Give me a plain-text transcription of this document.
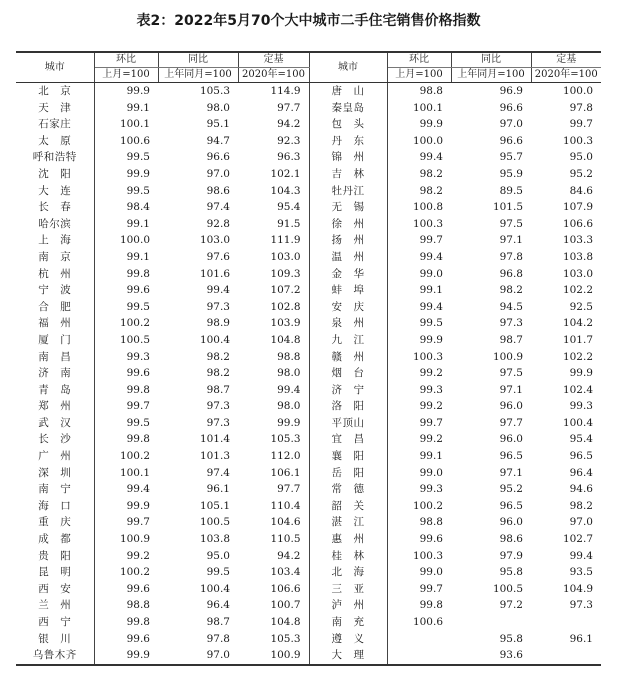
表2：2022年5月70个大中城市二手住宅销售价格指数
城市	环比	同比	定基	城市	环比	同比	定基
	上月=100	上年同月=100	2020年=100		上月=100	上年同月=100	2020年=100
北　京	99.9	105.3	114.9	唐　山	98.8	96.9	100.0
天　津	99.1	98.0	97.7	秦皇岛	100.1	96.6	97.8
石家庄	100.1	95.1	94.2	包　头	99.9	97.0	99.7
太　原	100.6	94.7	92.3	丹　东	100.0	96.6	100.3
呼和浩特	99.5	96.6	96.3	锦　州	99.4	95.7	95.0
沈　阳	99.9	97.0	102.1	吉　林	98.2	95.9	95.2
大　连	99.5	98.6	104.3	牡丹江	98.2	89.5	84.6
长　春	98.4	97.4	95.4	无　锡	100.8	101.5	107.9
哈尔滨	99.1	92.8	91.5	徐　州	100.3	97.5	106.6
上　海	100.0	103.0	111.9	扬　州	99.7	97.1	103.3
南　京	99.1	97.6	103.0	温　州	99.4	97.8	103.8
杭　州	99.8	101.6	109.3	金　华	99.0	96.8	103.0
宁　波	99.6	99.4	107.2	蚌　埠	99.1	98.2	102.2
合　肥	99.5	97.3	102.8	安　庆	99.4	94.5	92.5
福　州	100.2	98.9	103.9	泉　州	99.5	97.3	104.2
厦　门	100.5	100.4	104.8	九　江	99.9	98.7	101.7
南　昌	99.3	98.2	98.8	赣　州	100.3	100.9	102.2
济　南	99.6	98.2	98.0	烟　台	99.2	97.5	99.9
青　岛	99.8	98.7	99.4	济　宁	99.3	97.1	102.4
郑　州	99.7	97.3	98.0	洛　阳	99.2	96.0	99.3
武　汉	99.5	97.3	99.9	平顶山	99.7	97.7	100.4
长　沙	99.8	101.4	105.3	宜　昌	99.2	96.0	95.4
广　州	100.2	101.3	112.0	襄　阳	99.1	96.5	96.5
深　圳	100.1	97.4	106.1	岳　阳	99.0	97.1	96.4
南　宁	99.4	96.1	97.7	常　德	99.3	95.2	94.6
海　口	99.9	105.1	110.4	韶　关	100.2	96.5	98.2
重　庆	99.7	100.5	104.6	湛　江	98.8	96.0	97.0
成　都	100.9	103.8	110.5	惠　州	99.6	98.6	102.7
贵　阳	99.2	95.0	94.2	桂　林	100.3	97.9	99.4
昆　明	100.2	99.5	103.4	北　海	99.0	95.8	93.5
西　安	99.6	100.4	106.6	三　亚	99.7	100.5	104.9
兰　州	98.8	96.4	100.7	泸　州	99.8	97.2	97.3
西　宁	99.8	98.7	104.8	南　充	100.6		
银　川	99.6	97.8	105.3	遵　义		95.8	96.1
乌鲁木齐	99.9	97.0	100.9	大　理		93.6	
